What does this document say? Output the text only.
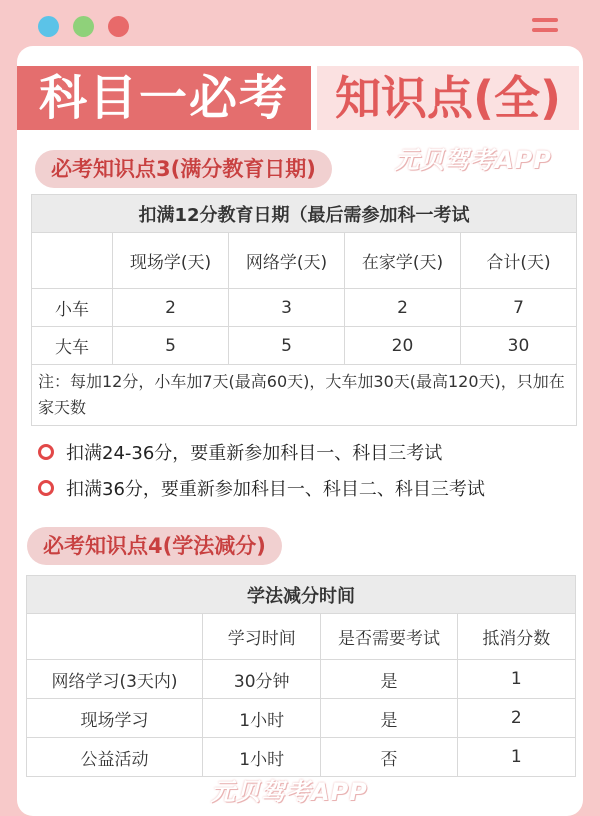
科目一必考 知识点(全)
必考知识点3(满分教育日期)	元贝驾考APP
扣满12分教育日期（最后需参加科一考试				
	现场学(天)	网络学(天)	在家学(天)	合计(天)
小车	2	3	2	7
大车	5	5	20	30
注：每加12分，小车加7天(最高60天)，大车加30天(最高120天)，只加在家天数				
元贝驾考APP
扣满24-36分，要重新参加科目一、科目三考试
扣满36分，要重新参加科目一、科目二、科目三考试
必考知识点4(学法减分)
学法减分时间			
	学习时间	是否需要考试	抵消分数
网络学习(3天内)	30分钟	是	1
现场学习	1小时	是	2
公益活动	1小时	否	1
